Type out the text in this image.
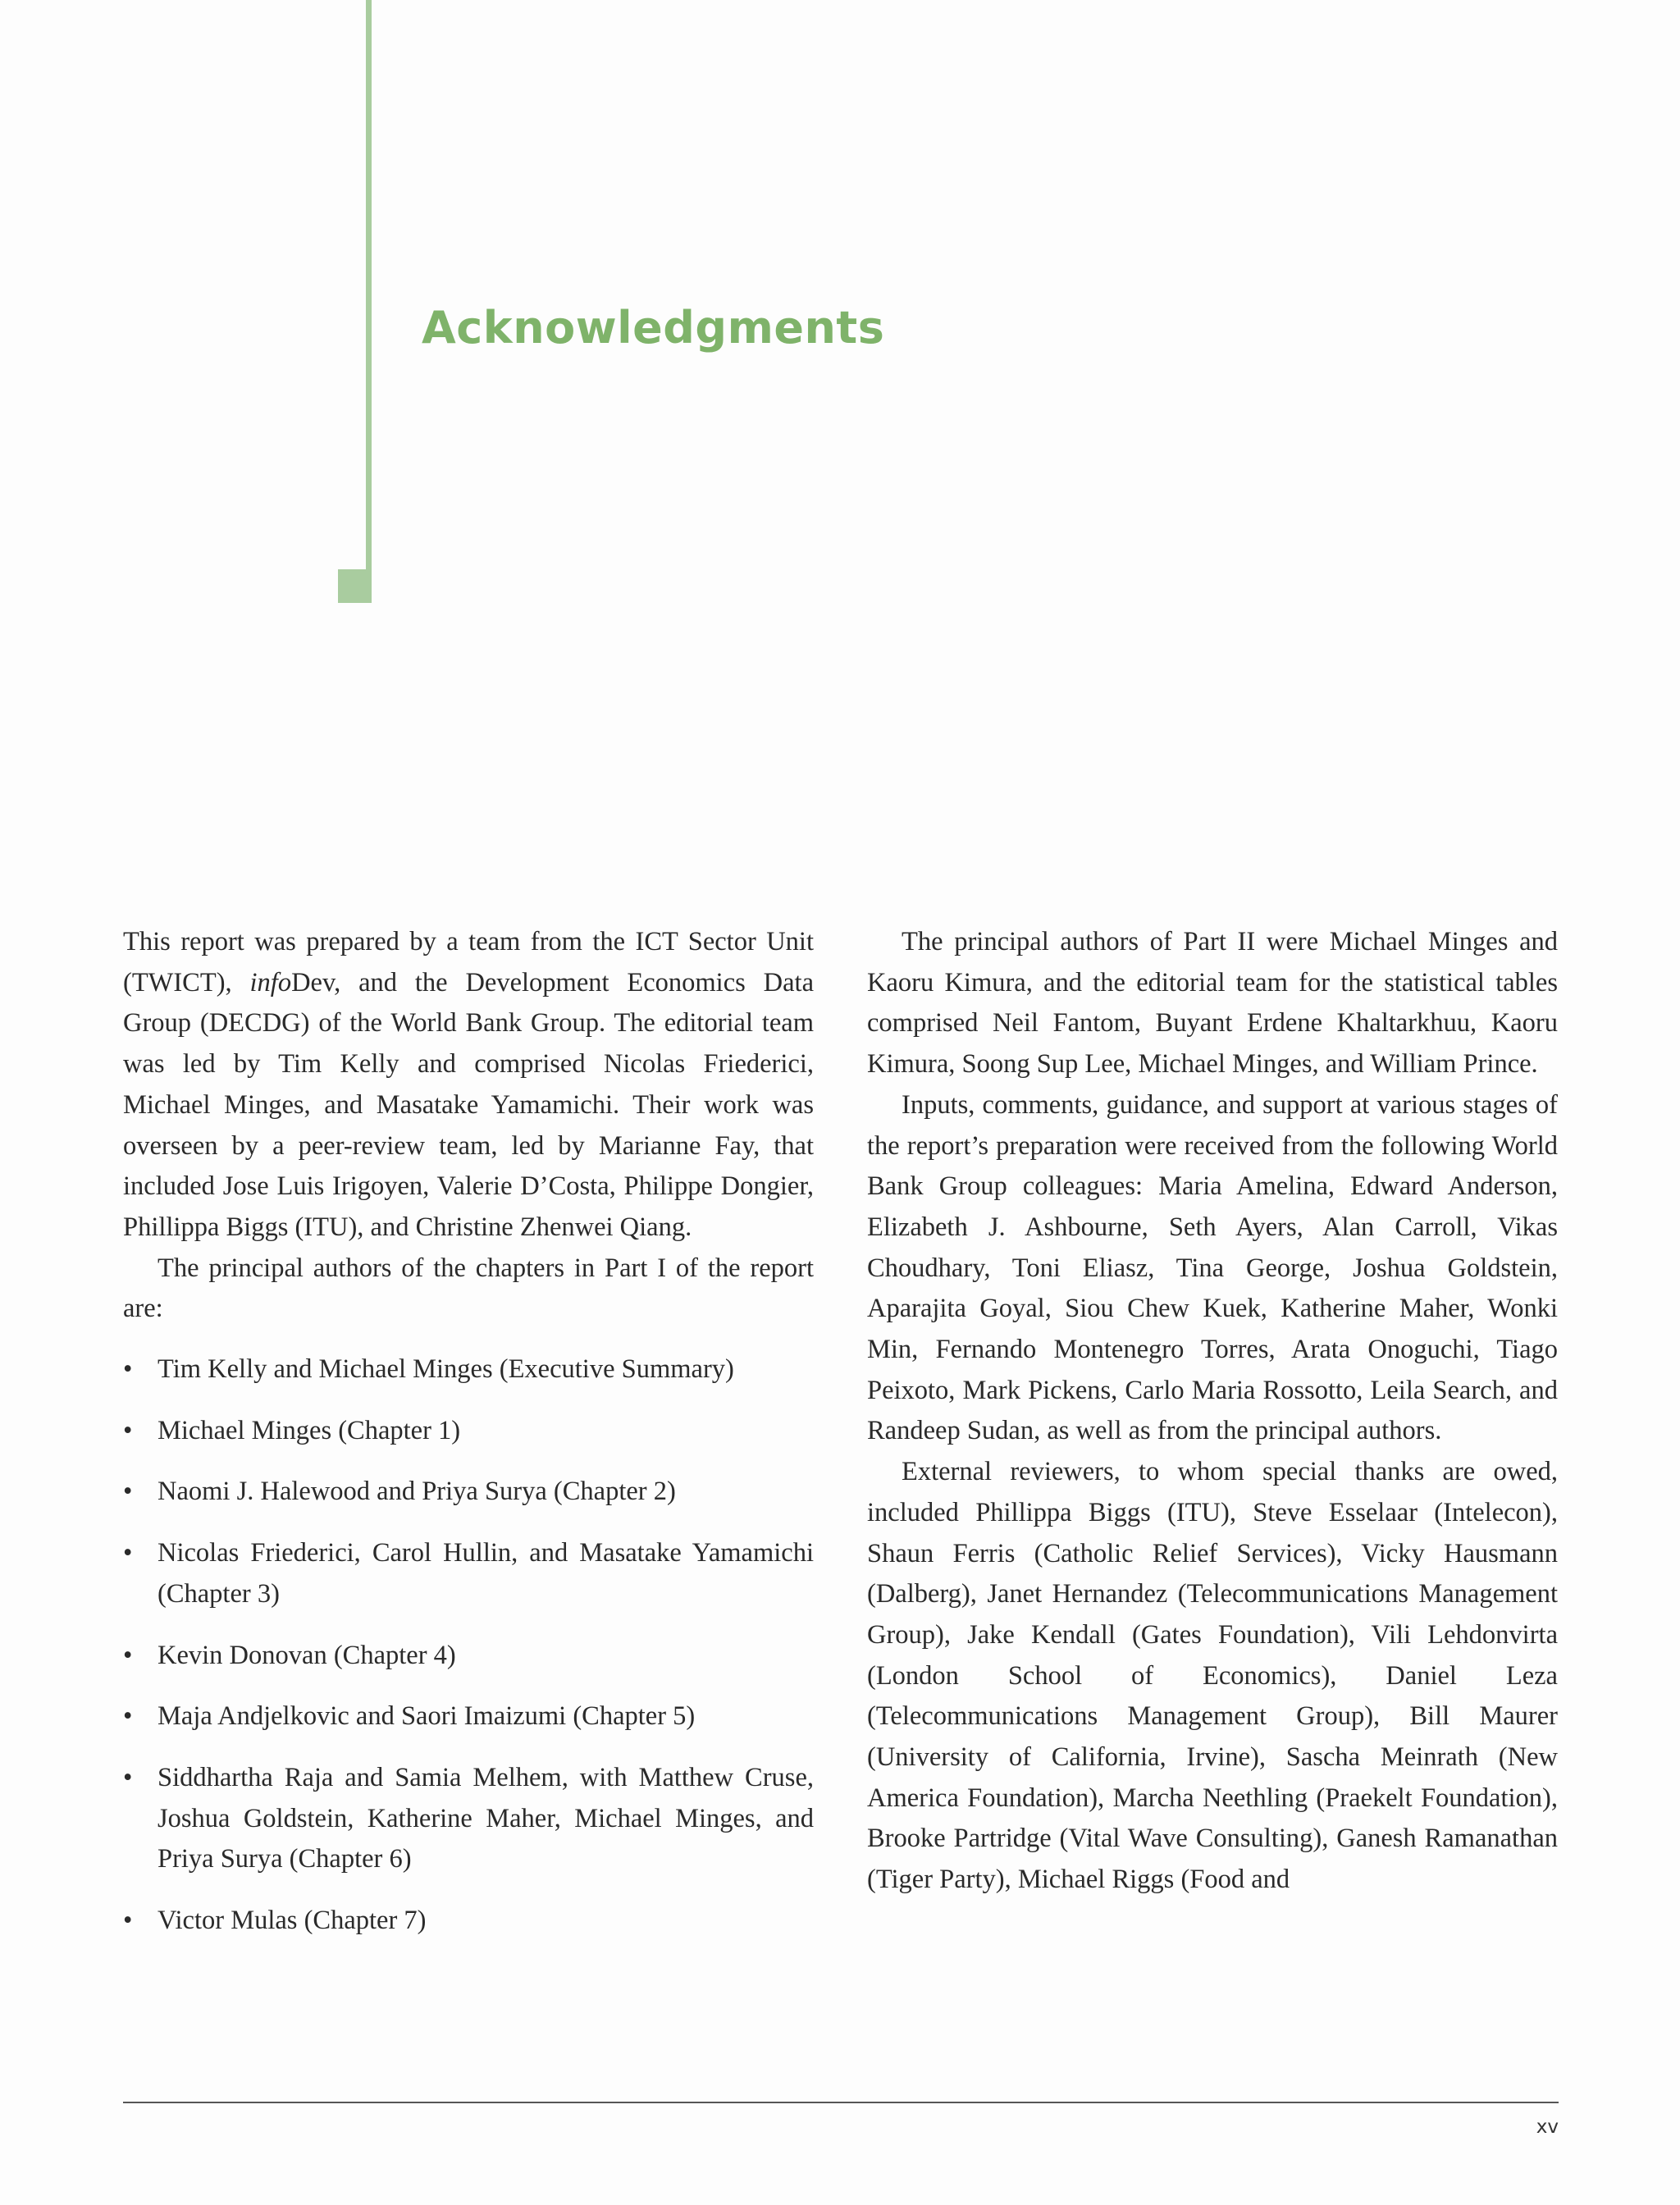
Acknowledgments

This report was prepared by a team from the ICT Sector Unit (TWICT), infoDev, and the Development Economics Data Group (DECDG) of the World Bank Group. The editorial team was led by Tim Kelly and comprised Nicolas Friederici, Michael Minges, and Masatake Yamamichi. Their work was overseen by a peer-review team, led by Marianne Fay, that included Jose Luis Irigoyen, Valerie D’Costa, Philippe Dongier, Phillippa Biggs (ITU), and Christine Zhenwei Qiang.

The principal authors of the chapters in Part I of the report are:

• Tim Kelly and Michael Minges (Executive Summary)
• Michael Minges (Chapter 1)
• Naomi J. Halewood and Priya Surya (Chapter 2)
• Nicolas Friederici, Carol Hullin, and Masatake Yamamichi (Chapter 3)
• Kevin Donovan (Chapter 4)
• Maja Andjelkovic and Saori Imaizumi (Chapter 5)
• Siddhartha Raja and Samia Melhem, with Matthew Cruse, Joshua Goldstein, Katherine Maher, Michael Minges, and Priya Surya (Chapter 6)
• Victor Mulas (Chapter 7)

The principal authors of Part II were Michael Minges and Kaoru Kimura, and the editorial team for the statistical tables comprised Neil Fantom, Buyant Erdene Khaltarkhuu, Kaoru Kimura, Soong Sup Lee, Michael Minges, and William Prince.

Inputs, comments, guidance, and support at various stages of the report’s preparation were received from the following World Bank Group colleagues: Maria Amelina, Edward Anderson, Elizabeth J. Ashbourne, Seth Ayers, Alan Carroll, Vikas Choudhary, Toni Eliasz, Tina George, Joshua Goldstein, Aparajita Goyal, Siou Chew Kuek, Katherine Maher, Wonki Min, Fernando Montenegro Torres, Arata Onoguchi, Tiago Peixoto, Mark Pickens, Carlo Maria Rossotto, Leila Search, and Randeep Sudan, as well as from the principal authors.

External reviewers, to whom special thanks are owed, included Phillippa Biggs (ITU), Steve Esselaar (Intelecon), Shaun Ferris (Catholic Relief Services), Vicky Hausmann (Dalberg), Janet Hernandez (Telecommunications Management Group), Jake Kendall (Gates Foundation), Vili Lehdonvirta (London School of Economics), Daniel Leza (Telecommunications Management Group), Bill Maurer (University of California, Irvine), Sascha Meinrath (New America Foundation), Marcha Neethling (Praekelt Foundation), Brooke Partridge (Vital Wave Consulting), Ganesh Ramanathan (Tiger Party), Michael Riggs (Food and

xv
